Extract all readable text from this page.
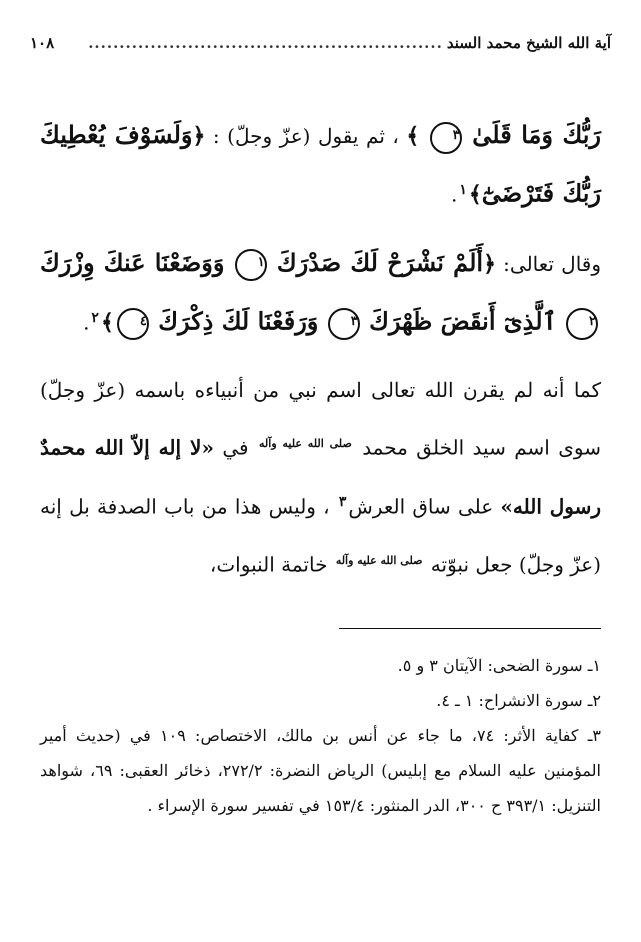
آية الله الشيخ محمد السند
.........................................................
١٠٨

رَبُّكَ وَمَا قَلَىٰ ٣ ﴾ ، ثم يقول (عزّ وجلّ) : ﴿وَلَسَوْفَ يُعْطِيكَ رَبُّكَ فَتَرْضَىٰٓ﴾$^١$.

وقال تعالى: ﴿أَلَمْ نَشْرَحْ لَكَ صَدْرَكَ ١ وَوَضَعْنَا عَنكَ وِزْرَكَ ٢ ٱلَّذِىٓ أَنقَضَ ظَهْرَكَ ٣ وَرَفَعْنَا لَكَ ذِكْرَكَ ٤﴾$^٢$.

كما أنه لم يقرن الله تعالى اسم نبي من أنبياءه باسمه (عزّ وجلّ) سوى اسم سيد الخلق محمد $^{صلى الله عليه وآله}$ في «لا إله إلاّ الله محمدٌ رسول الله» على ساق العرش$^٣$ ، وليس هذا من باب الصدفة بل إنه (عزّ وجلّ) جعل نبوّته $^{صلى الله عليه وآله}$ خاتمة النبوات،

١ـ سورة الضحى: الآيتان ٣ و ٥.

٢ـ سورة الانشراح: ١ ـ ٤.

٣ـ كفاية الأثر: ٧٤، ما جاء عن أنس بن مالك، الاختصاص: ١٠٩ في (حديث أمير المؤمنين عليه السلام مع إبليس) الرياض النضرة: ٢٧٢/٢، ذخائر العقبى: ٦٩، شواهد التنزيل: ٣٩٣/١ ح ٣٠٠، الدر المنثور: ١٥٣/٤ في تفسير سورة الإسراء .
